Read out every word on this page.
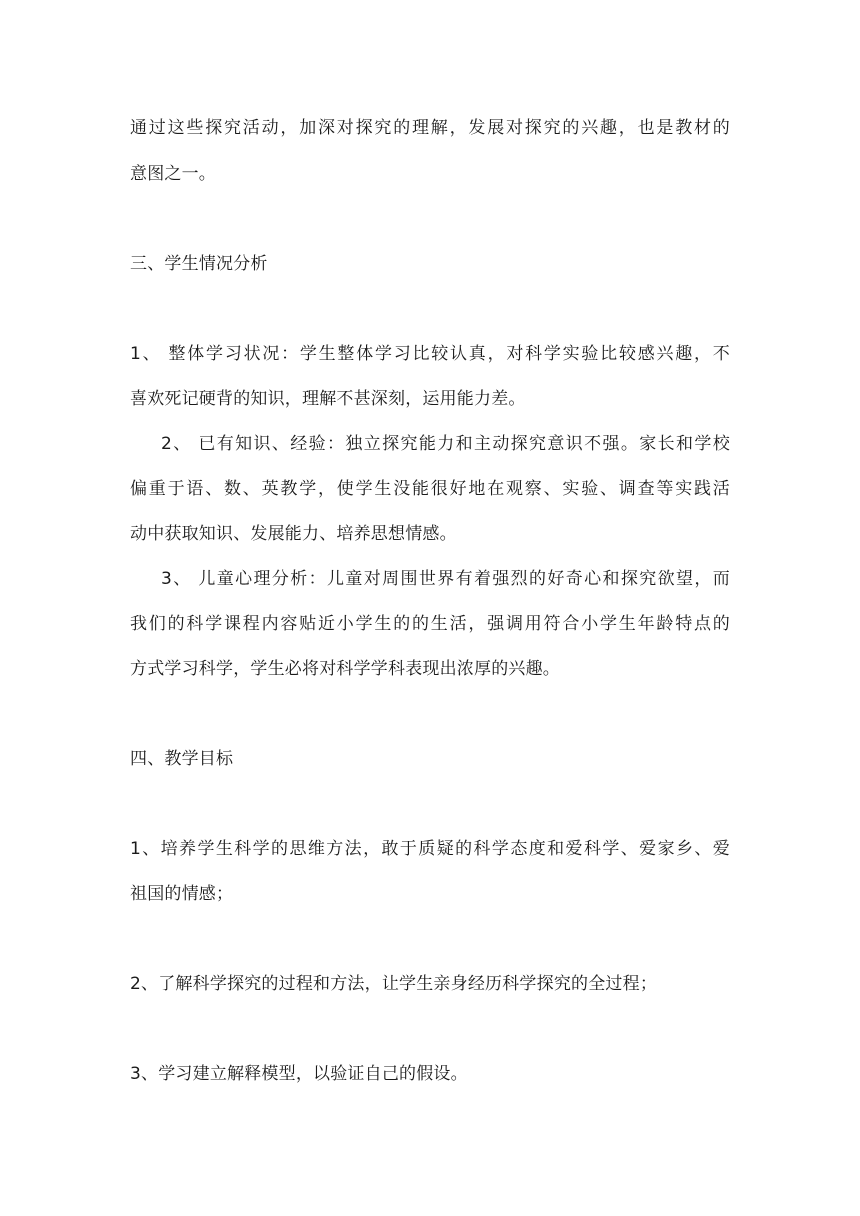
通过这些探究活动，加深对探究的理解，发展对探究的兴趣，也是教材的
意图之一。
三、学生情况分析
1、 整体学习状况：学生整体学习比较认真，对科学实验比较感兴趣，不
喜欢死记硬背的知识，理解不甚深刻，运用能力差。
2、 已有知识、经验：独立探究能力和主动探究意识不强。家长和学校
偏重于语、数、英教学，使学生没能很好地在观察、实验、调查等实践活
动中获取知识、发展能力、培养思想情感。
3、 儿童心理分析：儿童对周围世界有着强烈的好奇心和探究欲望，而
我们的科学课程内容贴近小学生的的生活，强调用符合小学生年龄特点的
方式学习科学，学生必将对科学学科表现出浓厚的兴趣。
四、教学目标
1、培养学生科学的思维方法，敢于质疑的科学态度和爱科学、爱家乡、爱
祖国的情感；
2、了解科学探究的过程和方法，让学生亲身经历科学探究的全过程；
3、学习建立解释模型，以验证自己的假设。
